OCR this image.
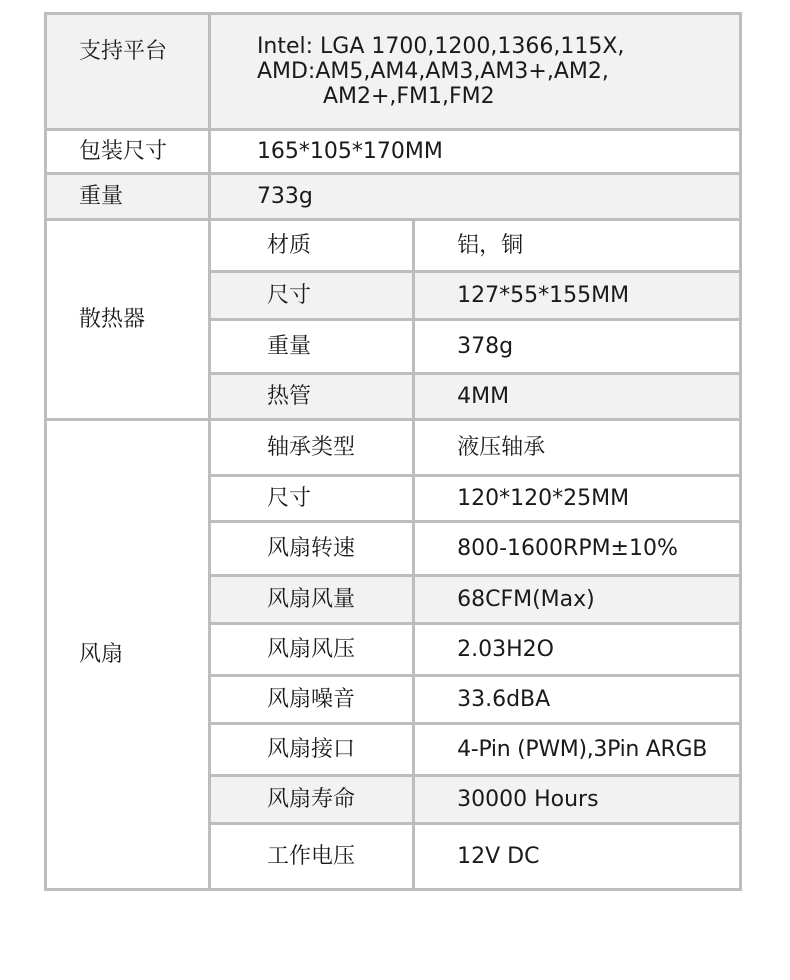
支持平台	Intel: LGA 1700,1200,1366,115X,
AMD:AM5,AM4,AM3,AM3+,AM2,
AM2+,FM1,FM2	

包装尺寸	165*105*170MM	
重量	733g	
散热器	材质	铝，铜
	尺寸	127*55*155MM
	重量	378g
	热管	4MM
风扇	轴承类型	液压轴承
	尺寸	120*120*25MM
	风扇转速	800-1600RPM±10%
	风扇风量	68CFM(Max)
	风扇风压	2.03H2O
	风扇噪音	33.6dBA
	风扇接口	4-Pin (PWM),3Pin ARGB
	风扇寿命	30000 Hours
	工作电压	12V DC
